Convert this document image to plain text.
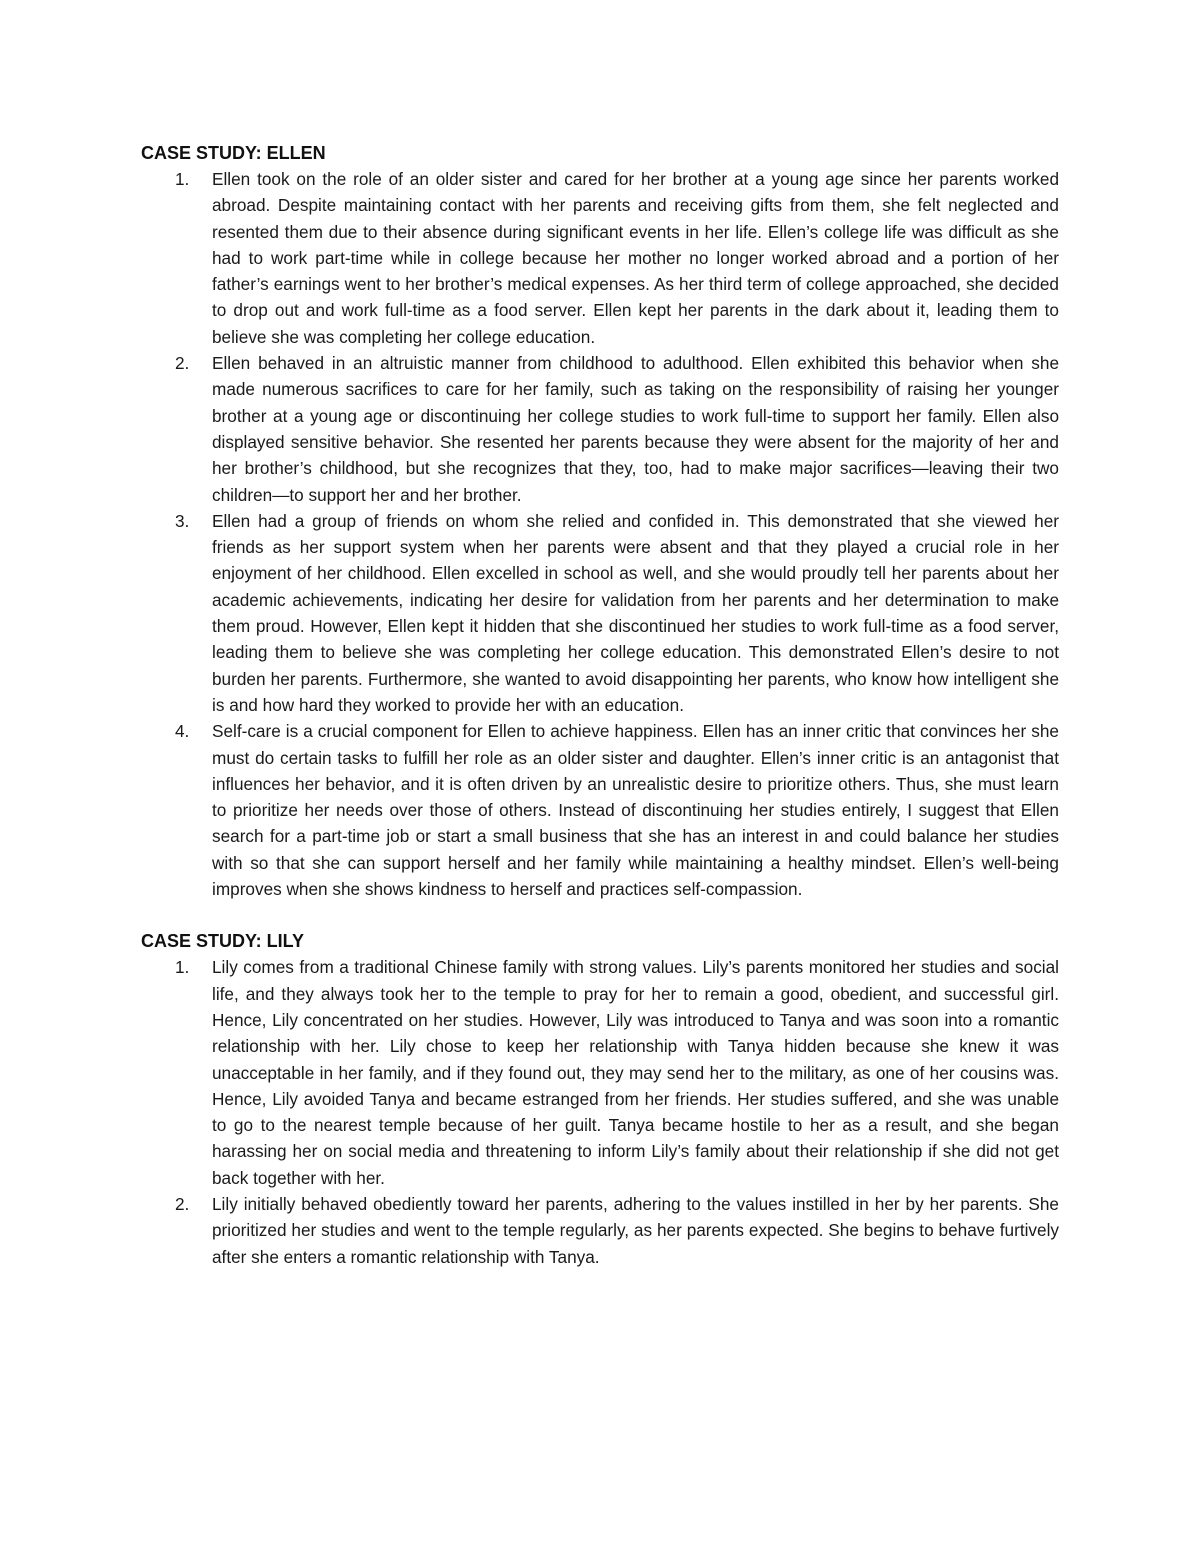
CASE STUDY: ELLEN
1.	Ellen took on the role of an older sister and cared for her brother at a young age since her parents worked abroad. Despite maintaining contact with her parents and receiving gifts from them, she felt neglected and resented them due to their absence during significant events in her life. Ellen’s college life was difficult as she had to work part-time while in college because her mother no longer worked abroad and a portion of her father’s earnings went to her brother’s medical expenses. As her third term of college approached, she decided to drop out and work full-time as a food server. Ellen kept her parents in the dark about it, leading them to believe she was completing her college education.
2.	Ellen behaved in an altruistic manner from childhood to adulthood. Ellen exhibited this behavior when she made numerous sacrifices to care for her family, such as taking on the responsibility of raising her younger brother at a young age or discontinuing her college studies to work full-time to support her family. Ellen also displayed sensitive behavior. She resented her parents because they were absent for the majority of her and her brother’s childhood, but she recognizes that they, too, had to make major sacrifices—leaving their two children—to support her and her brother.
3.	Ellen had a group of friends on whom she relied and confided in. This demonstrated that she viewed her friends as her support system when her parents were absent and that they played a crucial role in her enjoyment of her childhood. Ellen excelled in school as well, and she would proudly tell her parents about her academic achievements, indicating her desire for validation from her parents and her determination to make them proud. However, Ellen kept it hidden that she discontinued her studies to work full-time as a food server, leading them to believe she was completing her college education. This demonstrated Ellen’s desire to not burden her parents. Furthermore, she wanted to avoid disappointing her parents, who know how intelligent she is and how hard they worked to provide her with an education.
4.	Self-care is a crucial component for Ellen to achieve happiness. Ellen has an inner critic that convinces her she must do certain tasks to fulfill her role as an older sister and daughter. Ellen’s inner critic is an antagonist that influences her behavior, and it is often driven by an unrealistic desire to prioritize others. Thus, she must learn to prioritize her needs over those of others. Instead of discontinuing her studies entirely, I suggest that Ellen search for a part-time job or start a small business that she has an interest in and could balance her studies with so that she can support herself and her family while maintaining a healthy mindset. Ellen’s well-being improves when she shows kindness to herself and practices self-compassion.
CASE STUDY: LILY
1.	Lily comes from a traditional Chinese family with strong values. Lily’s parents monitored her studies and social life, and they always took her to the temple to pray for her to remain a good, obedient, and successful girl. Hence, Lily concentrated on her studies. However, Lily was introduced to Tanya and was soon into a romantic relationship with her. Lily chose to keep her relationship with Tanya hidden because she knew it was unacceptable in her family, and if they found out, they may send her to the military, as one of her cousins was. Hence, Lily avoided Tanya and became estranged from her friends. Her studies suffered, and she was unable to go to the nearest temple because of her guilt. Tanya became hostile to her as a result, and she began harassing her on social media and threatening to inform Lily’s family about their relationship if she did not get back together with her.
2.	Lily initially behaved obediently toward her parents, adhering to the values instilled in her by her parents. She prioritized her studies and went to the temple regularly, as her parents expected. She begins to behave furtively after she enters a romantic relationship with Tanya.
